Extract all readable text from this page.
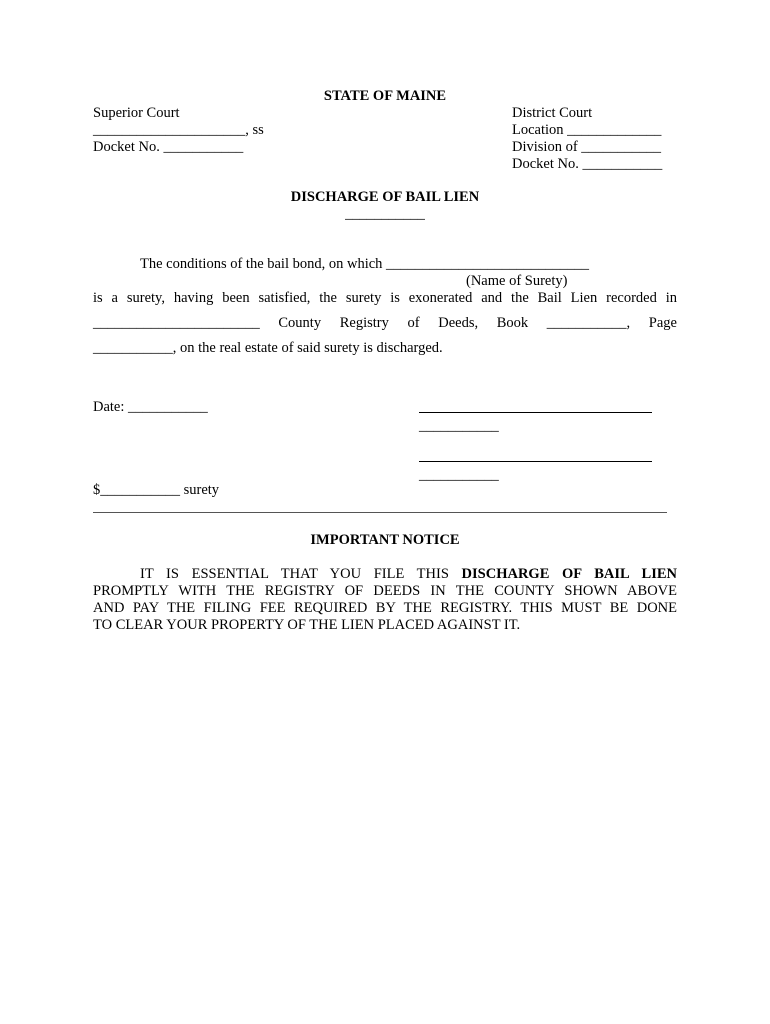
STATE OF MAINE
Superior Court
_____________________, ss
Docket No. ___________
District Court
Location _____________
Division of ___________
Docket No. ___________
DISCHARGE OF BAIL LIEN
___________
The conditions of the bail bond, on which ____________________________
(Name of Surety)
is a surety, having been satisfied, the surety is exonerated and the Bail Lien recorded in
_______________________ County Registry of Deeds, Book ___________, Page
___________, on the real estate of said surety is discharged.
Date: ___________
___________
___________
$___________ surety
IMPORTANT NOTICE
IT IS ESSENTIAL THAT YOU FILE THIS DISCHARGE OF BAIL LIEN
PROMPTLY WITH THE REGISTRY OF DEEDS IN THE COUNTY SHOWN ABOVE
AND PAY THE FILING FEE REQUIRED BY THE REGISTRY. THIS MUST BE DONE
TO CLEAR YOUR PROPERTY OF THE LIEN PLACED AGAINST IT.
